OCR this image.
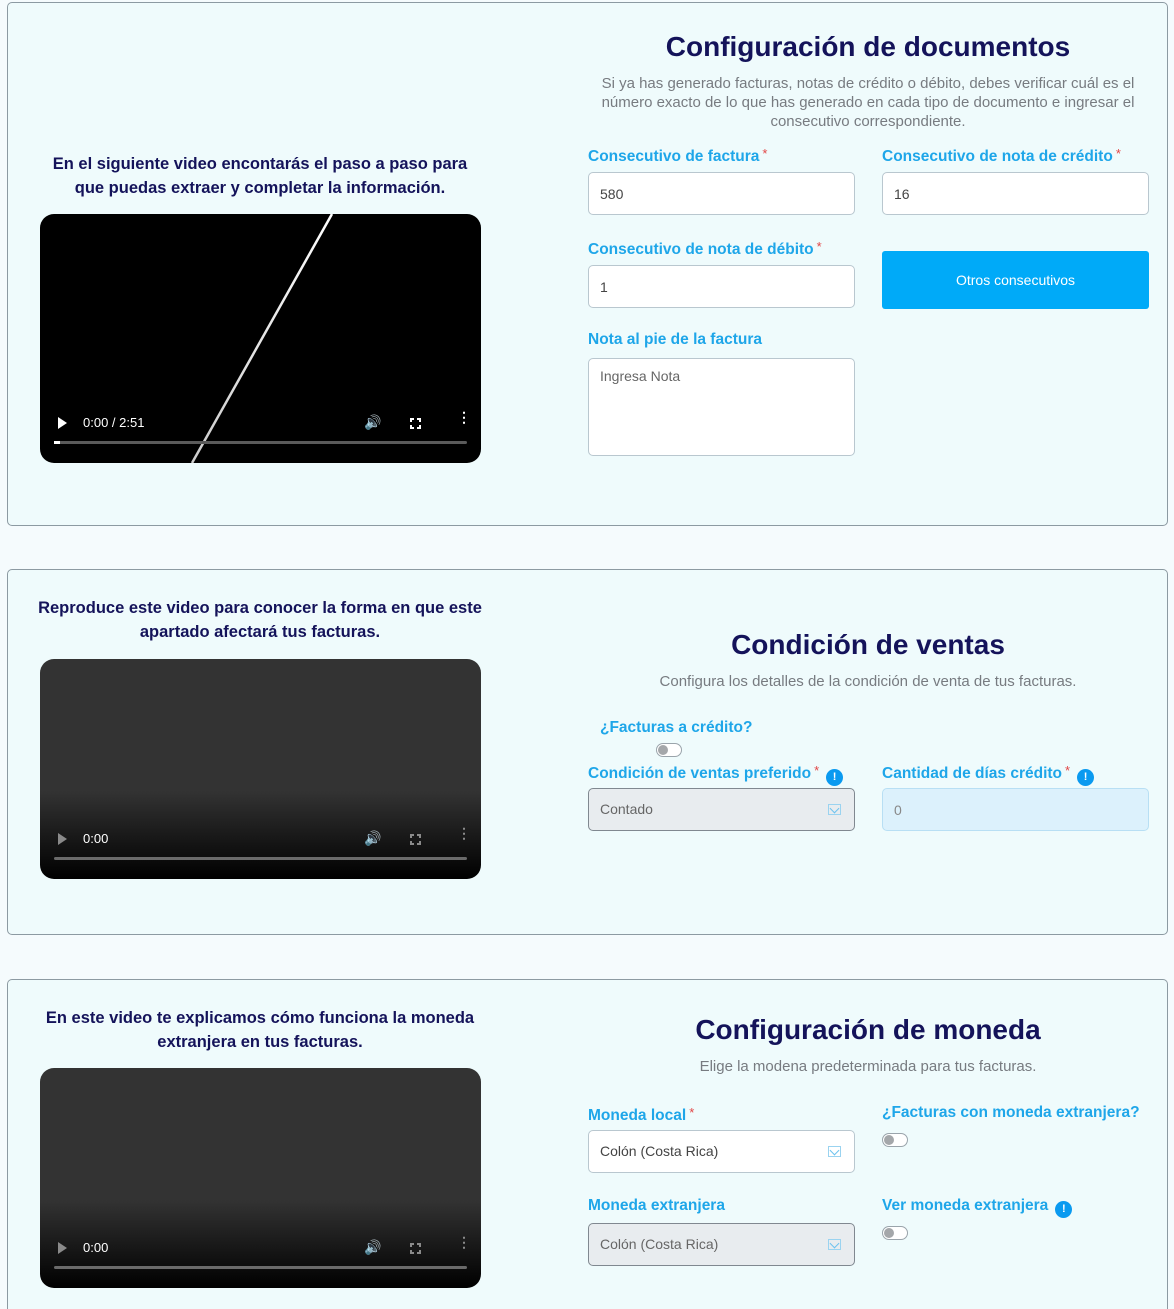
En el siguiente video encontarás el paso a paso para que puedas extraer y completar la información.
0:00 / 2:51	🔊	⋮
Configuración de documentos
Si ya has generado facturas, notas de crédito o débito, debes verificar cuál es el número exacto de lo que has generado en cada tipo de documento e ingresar el consecutivo correspondiente.
Consecutivo de factura *
580	Consecutivo de nota de crédito *
16
Consecutivo de nota de débito *
1
Otros consecutivos
Nota al pie de la factura
Ingresa Nota
Reproduce este video para conocer la forma en que este apartado afectará tus facturas.
0:00	🔊	⋮
Condición de ventas
Configura los detalles de la condición de venta de tus facturas.
¿Facturas a crédito?
Condición de ventas preferido * !
Contado
Cantidad de días crédito * !
0
En este video te explicamos cómo funciona la moneda extranjera en tus facturas.
0:00	🔊	⋮
Configuración de moneda
Elige la modena predeterminada para tus facturas.
Moneda local *
Colón (Costa Rica)
¿Facturas con moneda extranjera?
Moneda extranjera
Colón (Costa Rica)
Ver moneda extranjera !
